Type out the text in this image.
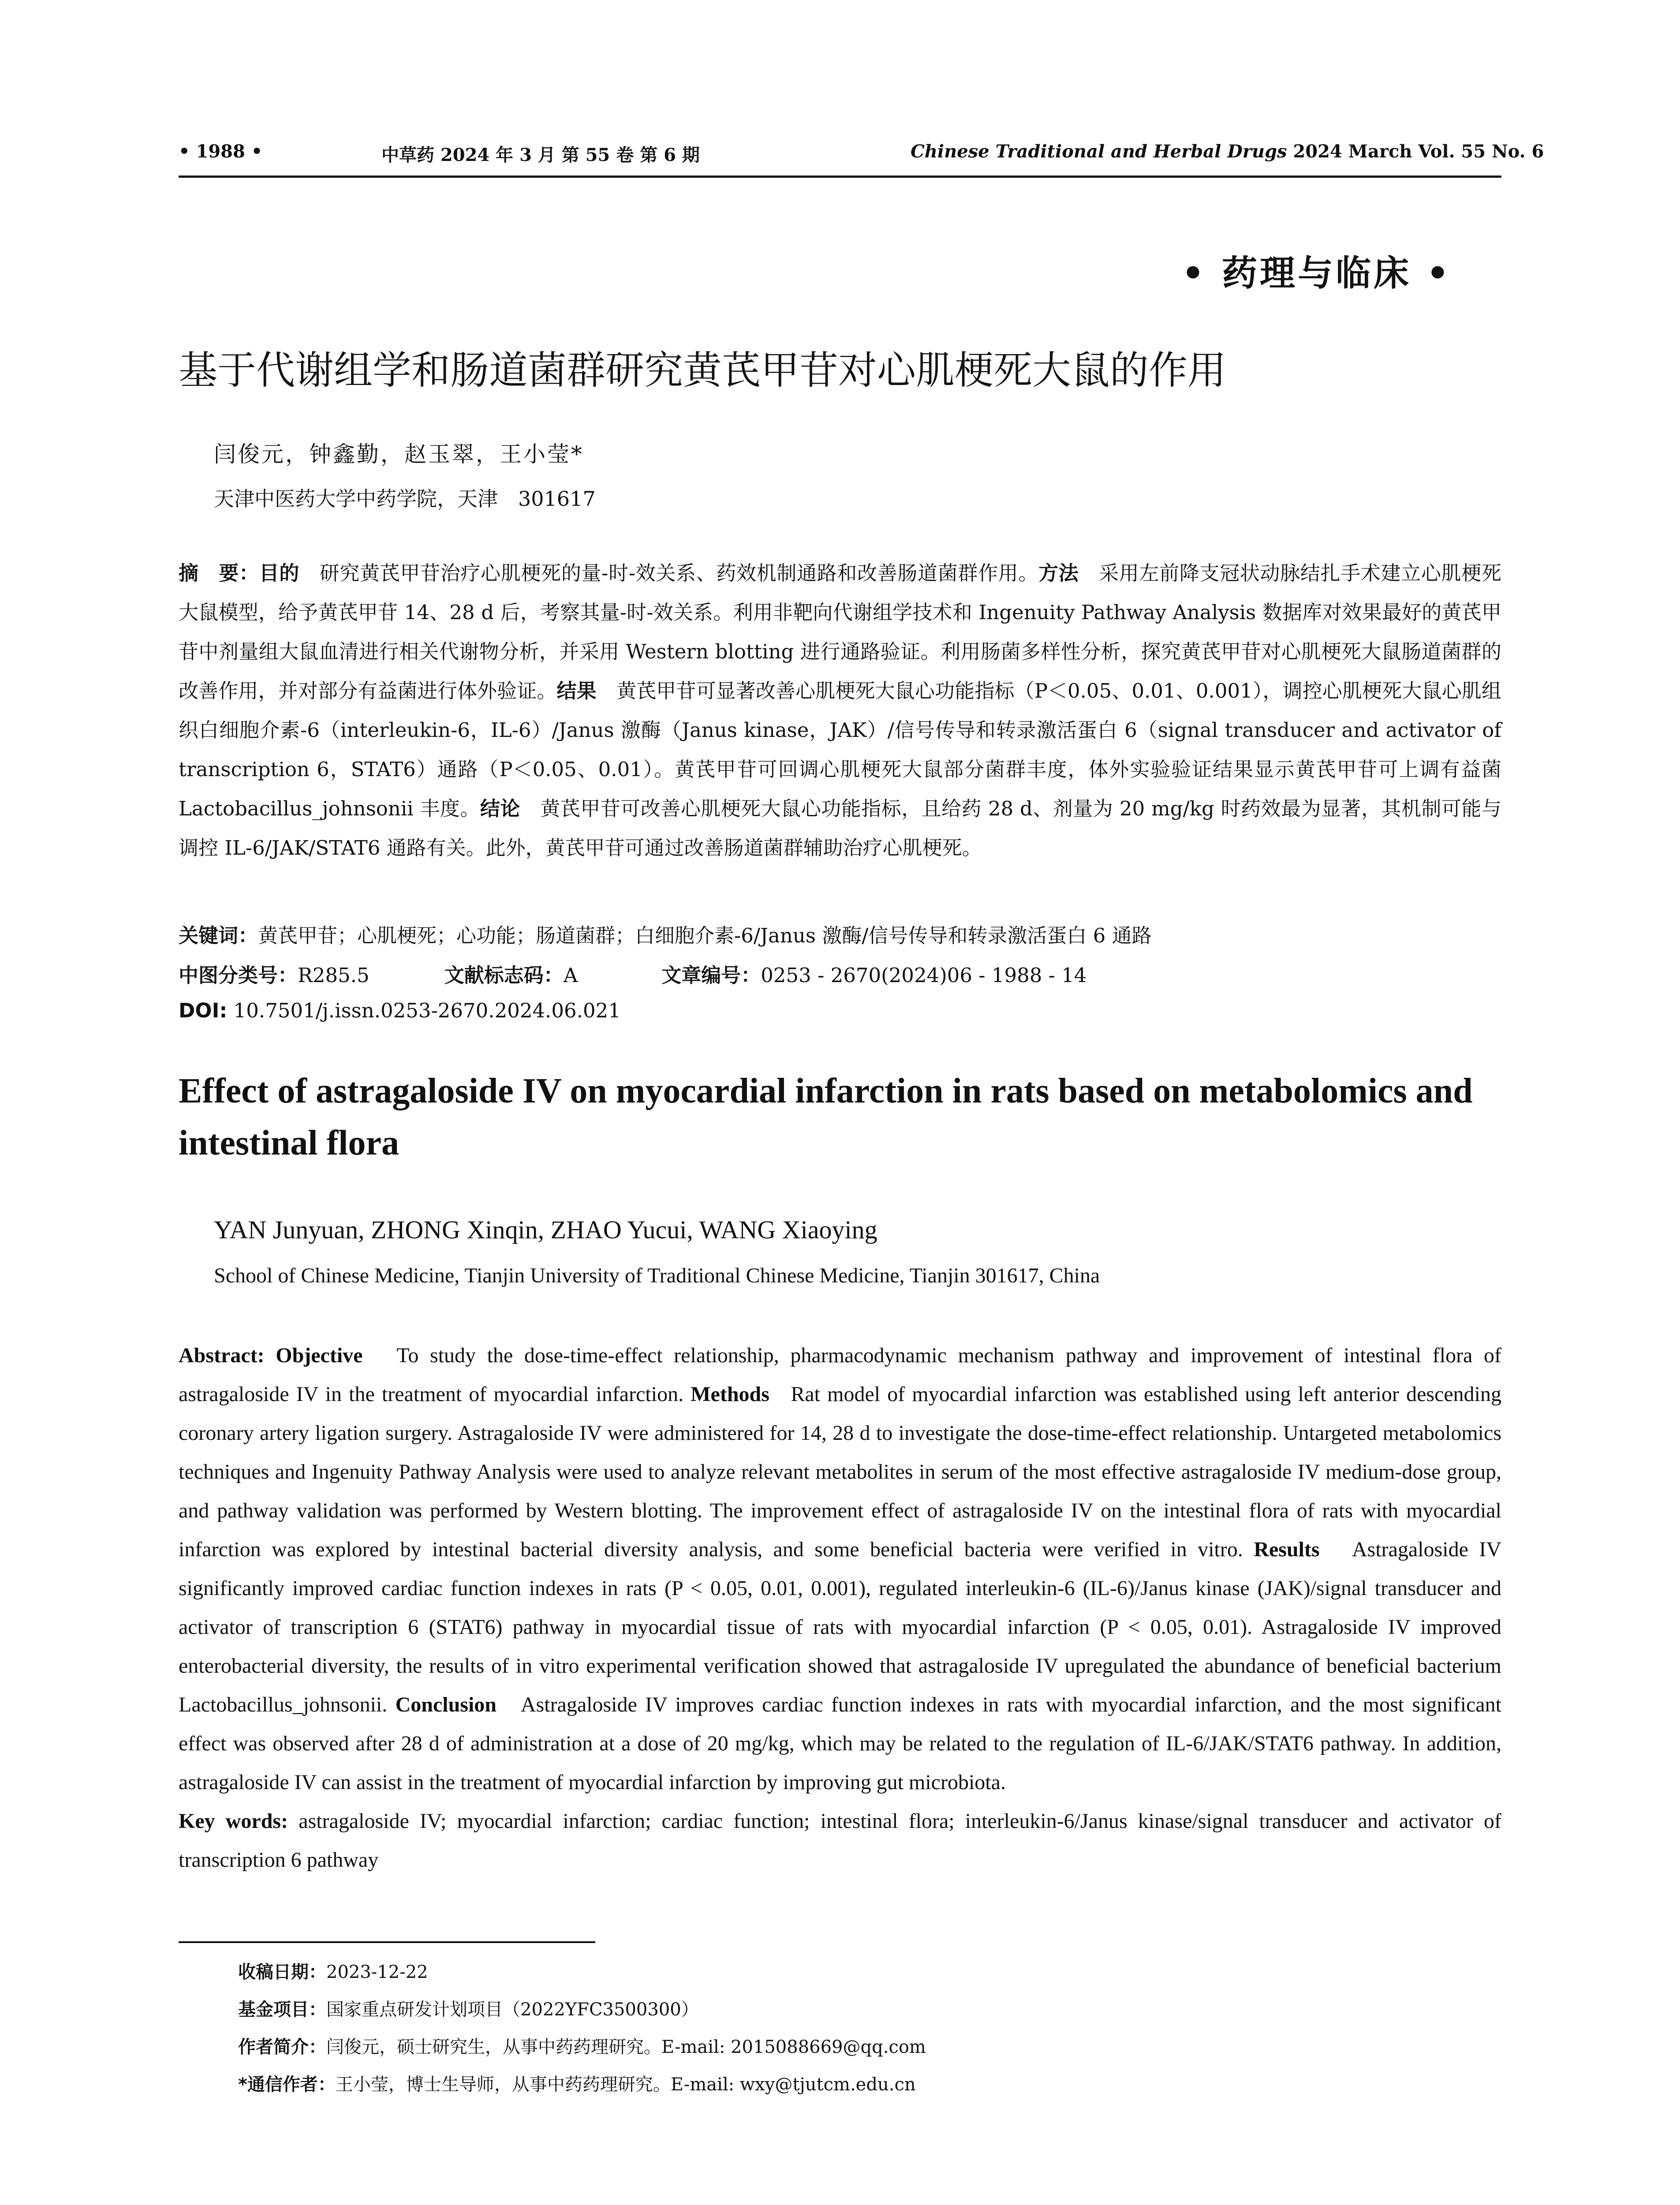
• 1988 •	中草药 2024 年 3 月 第 55 卷 第 6 期	Chinese Traditional and Herbal Drugs 2024 March Vol. 55 No. 6
• 药理与临床 •
基于代谢组学和肠道菌群研究黄芪甲苷对心肌梗死大鼠的作用
闫俊元，钟鑫勤，赵玉翠，王小莹*
天津中医药大学中药学院，天津　301617
摘　要：目的　 研究黄芪甲苷治疗心肌梗死的量-时-效关系、药效机制通路和改善肠道菌群作用。方法　 采用左前降支冠状动脉结扎手术建立心肌梗死大鼠模型，给予黄芪甲苷 14、28 d 后，考察其量-时-效关系。利用非靶向代谢组学技术和 Ingenuity Pathway Analysis 数据库对效果最好的黄芪甲苷中剂量组大鼠血清进行相关代谢物分析，并采用 Western blotting 进行通路验证。利用肠菌多样性分析，探究黄芪甲苷对心肌梗死大鼠肠道菌群的改善作用，并对部分有益菌进行体外验证。结果　 黄芪甲苷可显著改善心肌梗死大鼠心功能指标（P＜0.05、0.01、0.001），调控心肌梗死大鼠心肌组织白细胞介素-6（interleukin-6，IL-6）/Janus 激酶（Janus kinase，JAK）/信号传导和转录激活蛋白 6（signal transducer and activator of transcription 6，STAT6）通路（P＜0.05、0.01）。黄芪甲苷可回调心肌梗死大鼠部分菌群丰度，体外实验验证结果显示黄芪甲苷可上调有益菌 Lactobacillus_johnsonii 丰度。结论　 黄芪甲苷可改善心肌梗死大鼠心功能指标，且给药 28 d、剂量为 20 mg/kg 时药效最为显著，其机制可能与调控 IL-6/JAK/STAT6 通路有关。此外，黄芪甲苷可通过改善肠道菌群辅助治疗心肌梗死。
关键词：黄芪甲苷；心肌梗死；心功能；肠道菌群；白细胞介素-6/Janus 激酶/信号传导和转录激活蛋白 6 通路
中图分类号：R285.5	文献标志码：A	文章编号：0253 - 2670(2024)06 - 1988 - 14
DOI: 10.7501/j.issn.0253-2670.2024.06.021
Effect of astragaloside IV on myocardial infarction in rats based on metabolomics and intestinal flora
YAN Junyuan, ZHONG Xinqin, ZHAO Yucui, WANG Xiaoying
School of Chinese Medicine, Tianjin University of Traditional Chinese Medicine, Tianjin 301617, China
Abstract: Objective To study the dose-time-effect relationship, pharmacodynamic mechanism pathway and improvement of intestinal flora of astragaloside IV in the treatment of myocardial infarction. Methods Rat model of myocardial infarction was established using left anterior descending coronary artery ligation surgery. Astragaloside IV were administered for 14, 28 d to investigate the dose-time-effect relationship. Untargeted metabolomics techniques and Ingenuity Pathway Analysis were used to analyze relevant metabolites in serum of the most effective astragaloside IV medium-dose group, and pathway validation was performed by Western blotting. The improvement effect of astragaloside IV on the intestinal flora of rats with myocardial infarction was explored by intestinal bacterial diversity analysis, and some beneficial bacteria were verified in vitro. Results Astragaloside IV significantly improved cardiac function indexes in rats (P < 0.05, 0.01, 0.001), regulated interleukin-6 (IL-6)/Janus kinase (JAK)/signal transducer and activator of transcription 6 (STAT6) pathway in myocardial tissue of rats with myocardial infarction (P < 0.05, 0.01). Astragaloside IV improved enterobacterial diversity, the results of in vitro experimental verification showed that astragaloside IV upregulated the abundance of beneficial bacterium Lactobacillus_johnsonii. Conclusion Astragaloside IV improves cardiac function indexes in rats with myocardial infarction, and the most significant effect was observed after 28 d of administration at a dose of 20 mg/kg, which may be related to the regulation of IL-6/JAK/STAT6 pathway. In addition, astragaloside IV can assist in the treatment of myocardial infarction by improving gut microbiota.
Key words: astragaloside IV; myocardial infarction; cardiac function; intestinal flora; interleukin-6/Janus kinase/signal transducer and activator of transcription 6 pathway
收稿日期：2023-12-22
基金项目：国家重点研发计划项目（2022YFC3500300）
作者简介：闫俊元，硕士研究生，从事中药药理研究。E-mail: 2015088669@qq.com
*通信作者：王小莹，博士生导师，从事中药药理研究。E-mail: wxy@tjutcm.edu.cn
